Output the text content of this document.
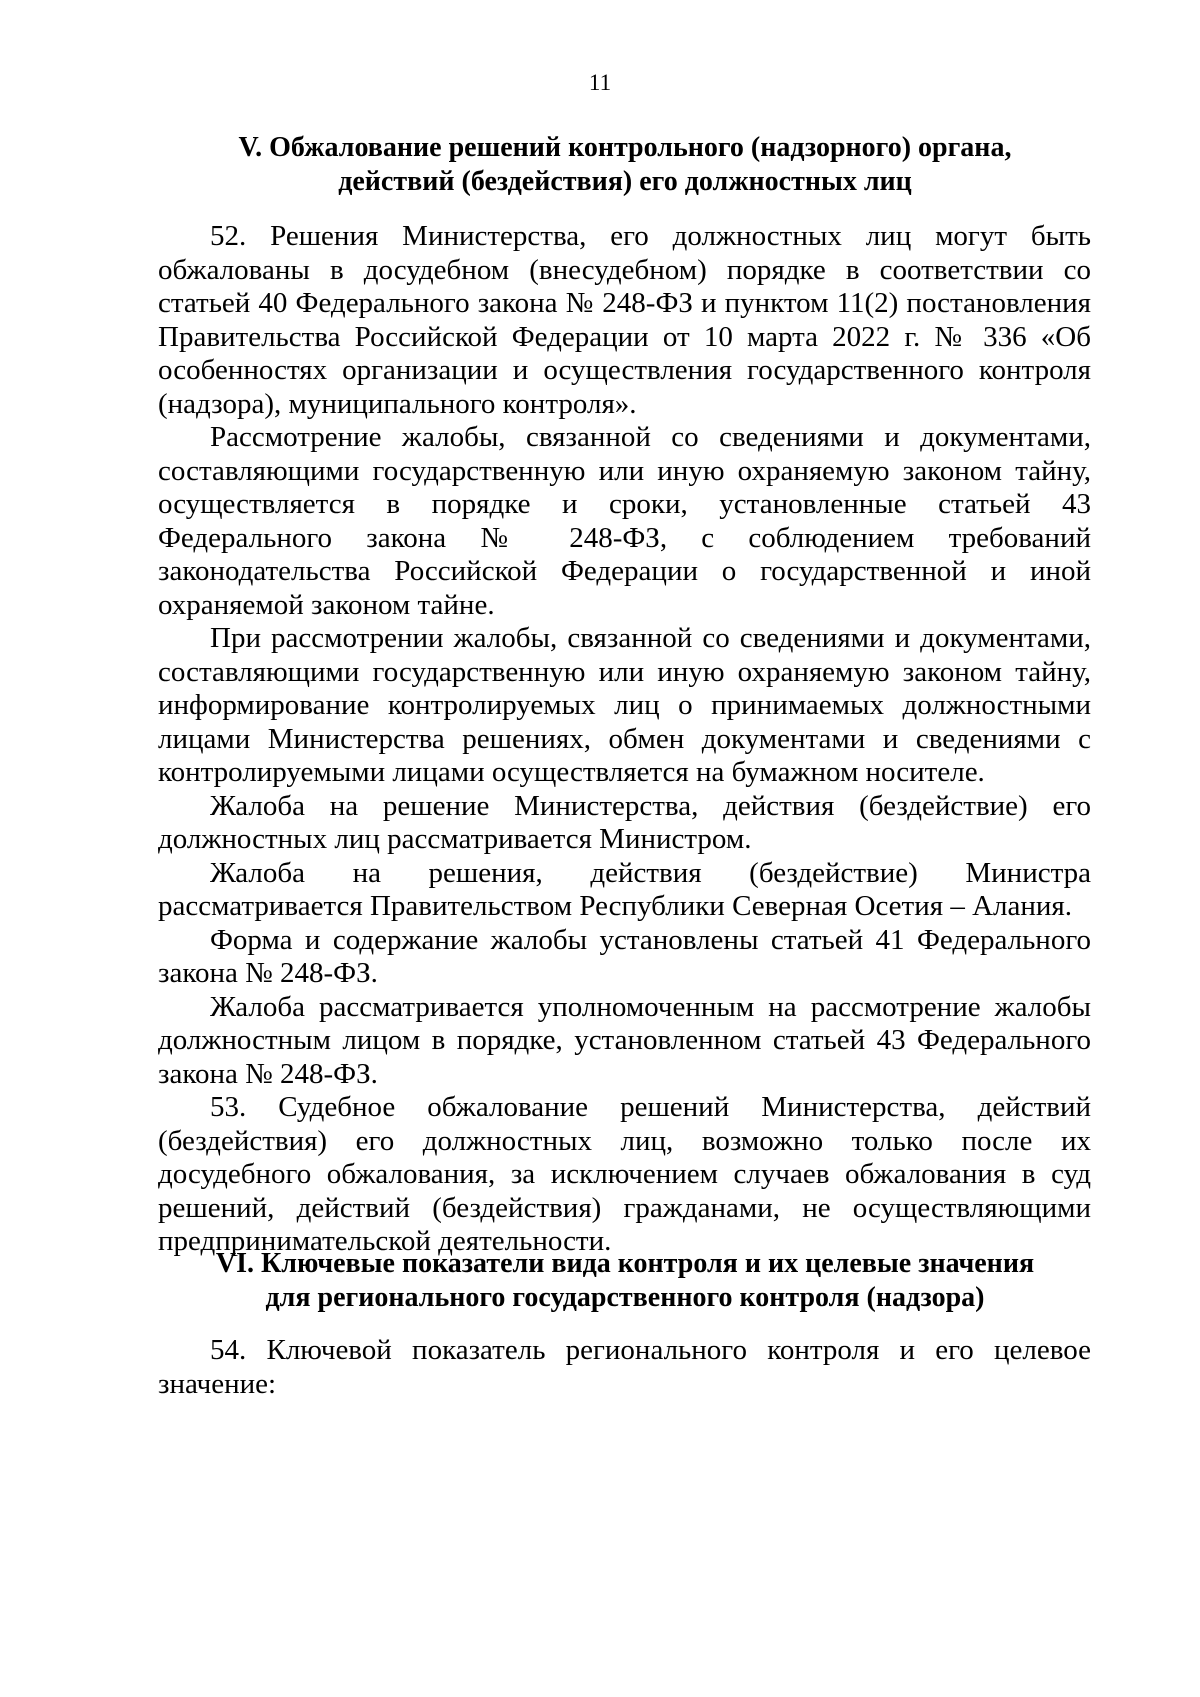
11
V. Обжалование решений контрольного (надзорного) органа,
действий (бездействия) его должностных лиц

52. Решения Министерства, его должностных лиц могут быть обжалованы в досудебном (внесудебном) порядке в соответствии со статьей 40 Федерального закона № 248-ФЗ и пунктом 11(2) постановления Правительства Российской Федерации от 10 марта 2022 г. № 336 «Об особенностях организации и осуществления государственного контроля (надзора), муниципального контроля».

Рассмотрение жалобы, связанной со сведениями и документами, составляющими государственную или иную охраняемую законом тайну, осуществляется в порядке и сроки, установленные статьей 43 Федерального закона № 248-ФЗ, с соблюдением требований законодательства Российской Федерации о государственной и иной охраняемой законом тайне.

При рассмотрении жалобы, связанной со сведениями и документами, составляющими государственную или иную охраняемую законом тайну, информирование контролируемых лиц о принимаемых должностными лицами Министерства решениях, обмен документами и сведениями с контролируемыми лицами осуществляется на бумажном носителе.

Жалоба на решение Министерства, действия (бездействие) его должностных лиц рассматривается Министром.

Жалоба на решения, действия (бездействие) Министра рассматривается Правительством Республики Северная Осетия – Алания.

Форма и содержание жалобы установлены статьей 41 Федерального закона № 248-ФЗ.

Жалоба рассматривается уполномоченным на рассмотрение жалобы должностным лицом в порядке, установленном статьей 43 Федерального закона № 248-ФЗ.

53. Судебное обжалование решений Министерства, действий (бездействия) его должностных лиц, возможно только после их досудебного обжалования, за исключением случаев обжалования в суд решений, действий (бездействия) гражданами, не осуществляющими предпринимательской деятельности.

VI. Ключевые показатели вида контроля и их целевые значения
для регионального государственного контроля (надзора)

54. Ключевой показатель регионального контроля и его целевое значение:
